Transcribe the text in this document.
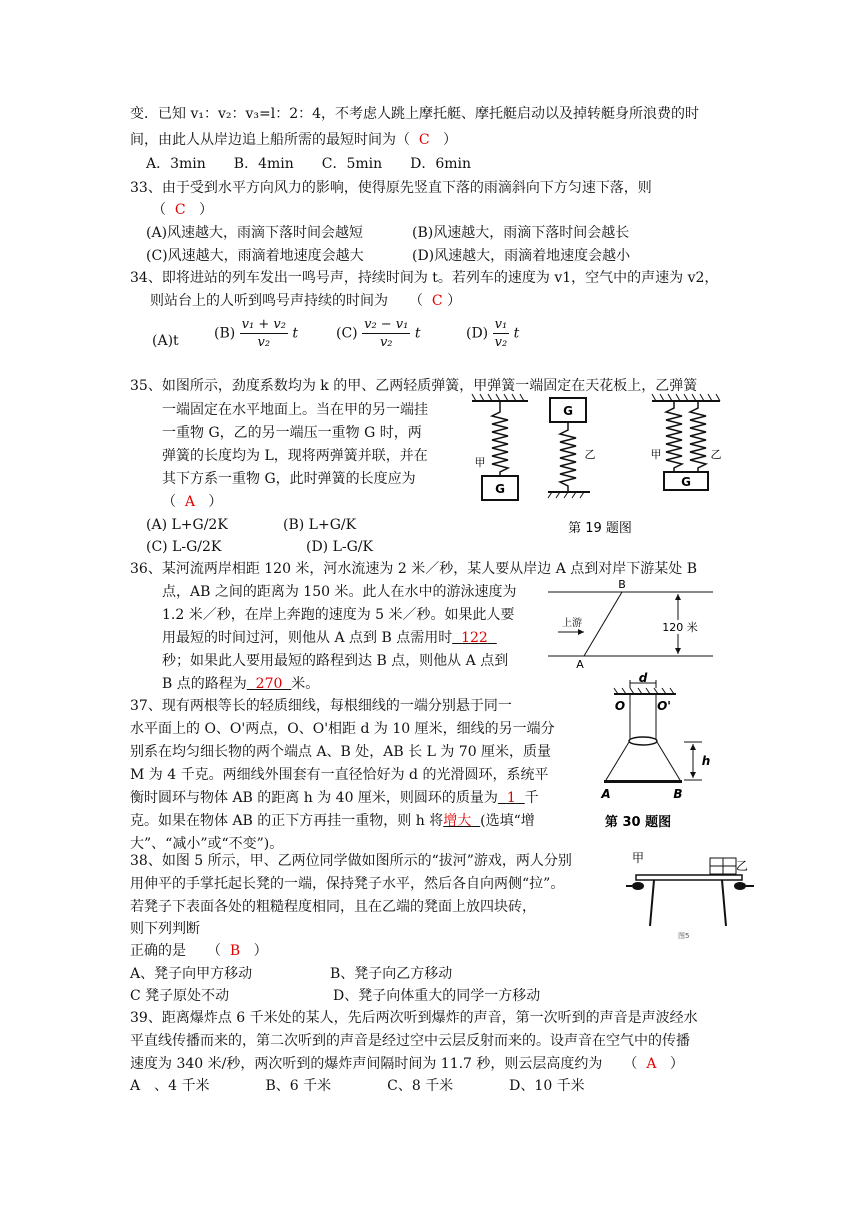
变．已知 v₁：v₂：v₃=l：2：4，不考虑人跳上摩托艇、摩托艇启动以及掉转艇身所浪费的时
间，由此人从岸边追上船所需的最短时间为（ C ）
A．3min　　B．4min　　C．5min　　D．6min
33、由于受到水平方向风力的影响，使得原先竖直下落的雨滴斜向下方匀速下落，则
（ C ）
(A)风速越大，雨滴下落时间会越短	(B)风速越大，雨滴下落时间会越长
(C)风速越大，雨滴着地速度会越大	(D)风速越大，雨滴着地速度会越小
34、即将进站的列车发出一鸣号声，持续时间为 t。若列车的速度为 v1，空气中的声速为 v2，
则站台上的人听到鸣号声持续的时间为　　（ C ）
(A)t	$(B) \frac{\text{v₁ + v₂}}{\text{v₂}}$ t	$(C) \frac{\text{v₂ − v₁}}{\text{v₂}}$ t	$(D) \frac{\text{v₁}}{\text{v₂}}$ t
35、如图所示，劲度系数均为 k 的甲、乙两轻质弹簧，甲弹簧一端固定在天花板上，乙弹簧
一端固定在水平地面上。当在甲的另一端挂
一重物 G，乙的另一端压一重物 G 时，两
弹簧的长度均为 L，现将两弹簧并联，并在
其下方系一重物 G，此时弹簧的长度应为
（ A ）
(A) L+G/2K	(B) L+G/K
(C) L-G/2K	(D) L-G/K
G
甲
G
乙
G
甲	乙
第 19 题图
36、某河流两岸相距 120 米，河水流速为 2 米／秒，某人要从岸边 A 点到对岸下游某处 B
点，AB 之间的距离为 150 米。此人在水中的游泳速度为
1.2 米／秒，在岸上奔跑的速度为 5 米／秒。如果此人要
用最短的时间过河，则他从 A 点到 B 点需用时 122
秒；如果此人要用最短的路程到达 B 点，则他从 A 点到
B 点的路程为 270 米。
B
A
上游	120 米
37、现有两根等长的轻质细线，每根细线的一端分别悬于同一
水平面上的 O、O'两点，O、O'相距 d 为 10 厘米，细线的另一端分
别系在均匀细长物的两个端点 A、B 处，AB 长 L 为 70 厘米，质量
M 为 4 千克。两细线外围套有一直径恰好为 d 的光滑圆环，系统平
衡时圆环与物体 AB 的距离 h 为 40 厘米，则圆环的质量为 1 千
克。如果在物体 AB 的正下方再挂一重物，则 h 将增大 (选填“增
大”、“减小”或“不变”)。
d
O	O'
A	B
h
第 30 题图
38、如图 5 所示，甲、乙两位同学做如图所示的“拔河”游戏，两人分别
用伸平的手掌托起长凳的一端，保持凳子水平，然后各自向两侧“拉”。
若凳子下表面各处的粗糙程度相同，且在乙端的凳面上放四块砖，
则下列判断
正确的是　　（ B ）
A、凳子向甲方移动	B、凳子向乙方移动
C 凳子原处不动	D、凳子向体重大的同学一方移动
甲
乙
图5
39、距离爆炸点 6 千米处的某人，先后两次听到爆炸的声音，第一次听到的声音是声波经水
平直线传播而来的，第二次听到的声音是经过空中云层反射而来的。设声音在空气中的传播
速度为 340 米/秒，两次听到的爆炸声间隔时间为 11.7 秒，则云层高度约为　　（ A ）
A　、4 千米　　　　B、6 千米　　　　C、8 千米　　　　D、10 千米
